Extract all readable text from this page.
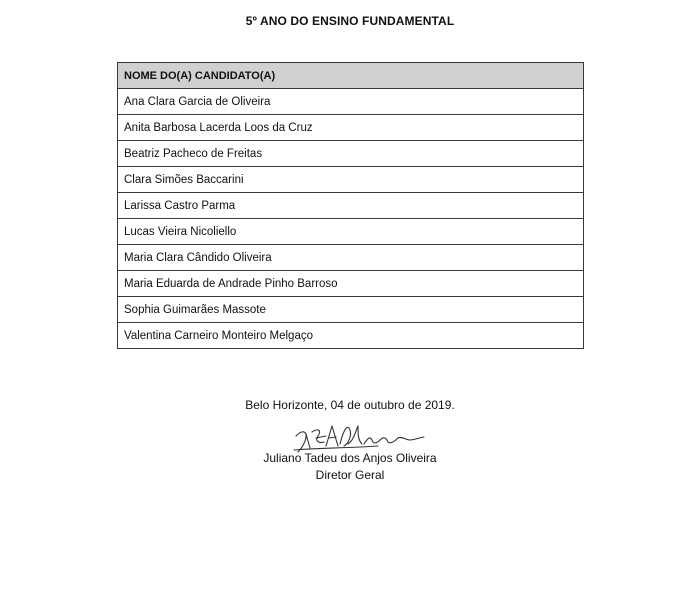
5º ANO DO ENSINO FUNDAMENTAL
NOME DO(A) CANDIDATO(A)
Ana Clara Garcia de Oliveira
Anita Barbosa Lacerda Loos da Cruz
Beatriz Pacheco de Freitas
Clara Simões Baccarini
Larissa Castro Parma
Lucas Vieira Nicoliello
Maria Clara Cândido Oliveira
Maria Eduarda de Andrade Pinho Barroso
Sophia Guimarães Massote
Valentina Carneiro Monteiro Melgaço
Belo Horizonte, 04 de outubro de 2019.
Juliano Tadeu dos Anjos Oliveira
Diretor Geral
